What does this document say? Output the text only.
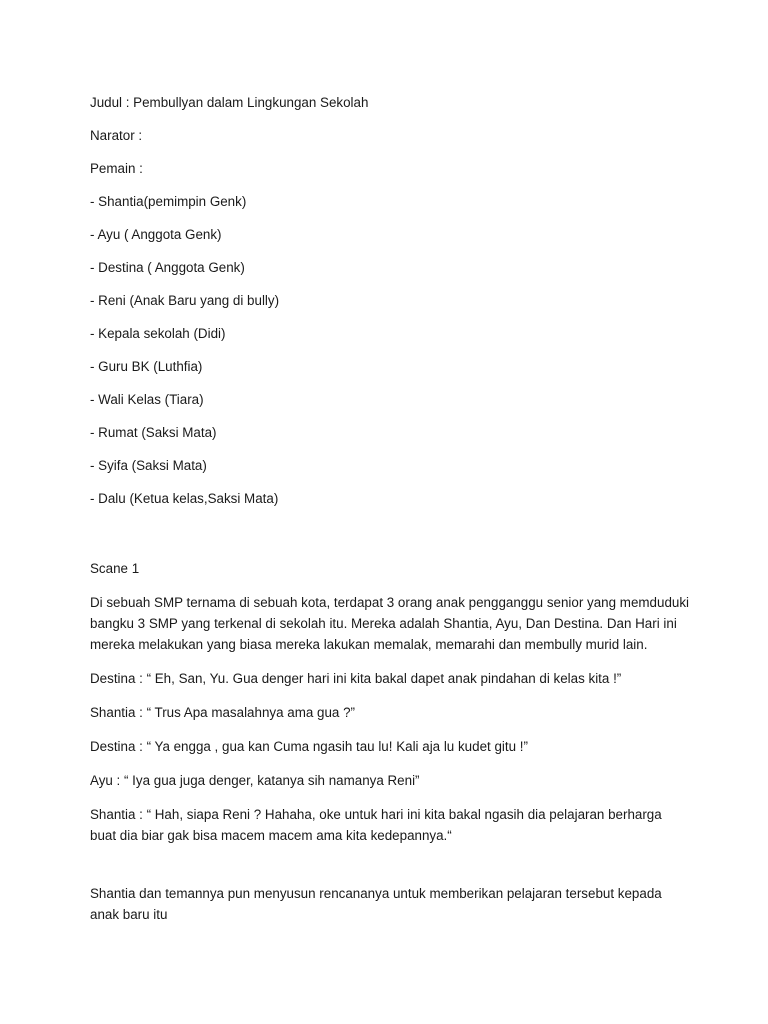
Judul : Pembullyan dalam Lingkungan Sekolah
Narator :
Pemain :
- Shantia(pemimpin Genk)
- Ayu ( Anggota Genk)
- Destina ( Anggota Genk)
- Reni (Anak Baru yang di bully)
- Kepala sekolah (Didi)
- Guru BK (Luthfia)
- Wali Kelas (Tiara)
- Rumat (Saksi Mata)
- Syifa (Saksi Mata)
- Dalu (Ketua kelas,Saksi Mata)
Scane 1
Di sebuah SMP ternama di sebuah kota, terdapat 3 orang anak pengganggu senior yang memduduki bangku 3 SMP yang terkenal di sekolah itu. Mereka adalah Shantia, Ayu, Dan Destina. Dan Hari ini mereka melakukan yang biasa mereka lakukan memalak, memarahi dan membully murid lain.
Destina : “ Eh, San, Yu. Gua denger hari ini kita bakal dapet anak pindahan di kelas kita !”
Shantia : “ Trus Apa masalahnya ama gua ?”
Destina : “ Ya engga , gua kan Cuma ngasih tau lu! Kali aja lu kudet gitu !”
Ayu : “ Iya gua juga denger, katanya sih namanya Reni”
Shantia : “ Hah, siapa Reni ? Hahaha, oke untuk hari ini kita bakal ngasih dia pelajaran berharga buat dia biar gak bisa macem macem ama kita kedepannya.“
Shantia dan temannya pun menyusun rencananya untuk memberikan pelajaran tersebut kepada anak baru itu
